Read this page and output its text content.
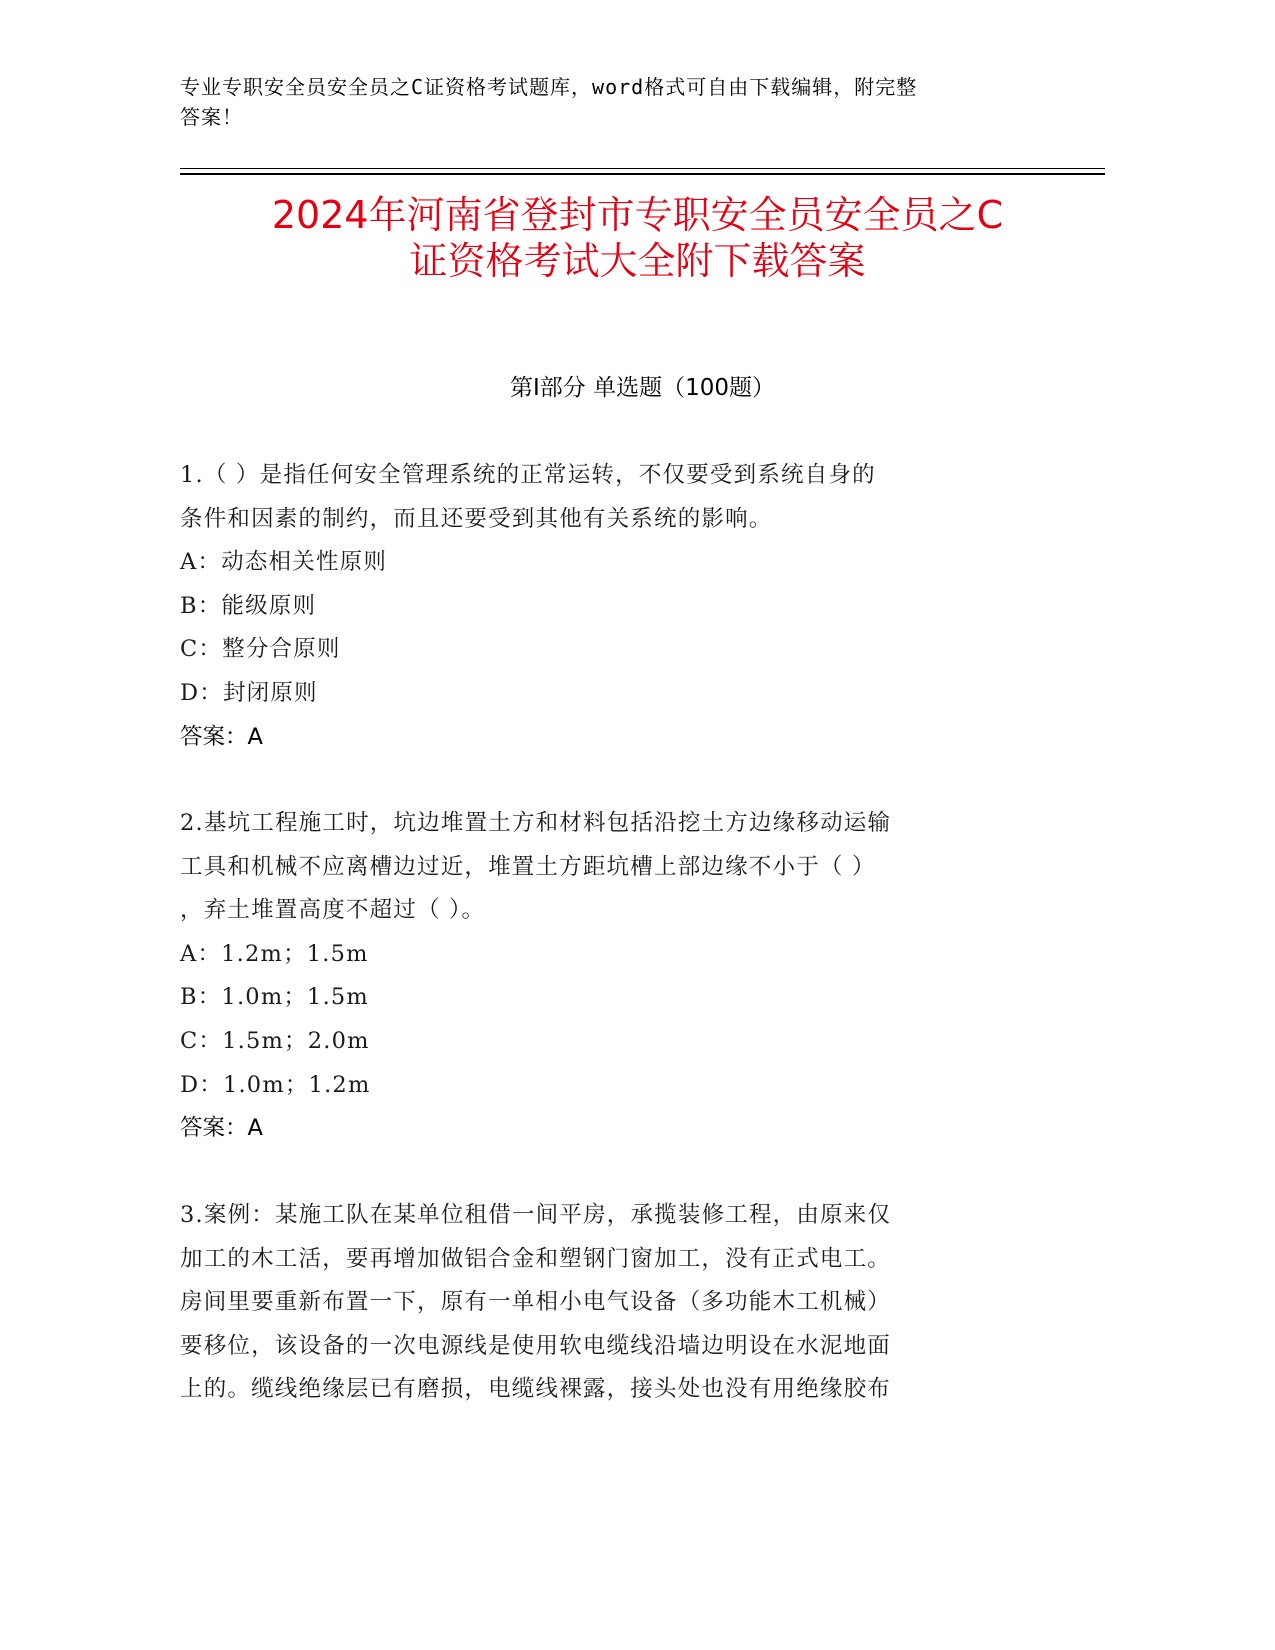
专业专职安全员安全员之C证资格考试题库，word格式可自由下载编辑，附完整
答案！
2024年河南省登封市专职安全员安全员之C
证资格考试大全附下载答案
第Ⅰ部分 单选题（100题）
1.（ ）是指任何安全管理系统的正常运转，不仅要受到系统自身的
条件和因素的制约，而且还要受到其他有关系统的影响。
A：动态相关性原则
B：能级原则
C：整分合原则
D：封闭原则
答案：A
2.基坑工程施工时，坑边堆置土方和材料包括沿挖土方边缘移动运输
工具和机械不应离槽边过近，堆置土方距坑槽上部边缘不小于（ ）
，弃土堆置高度不超过（ ）。
A：1.2m；1.5m
B：1.0m；1.5m
C：1.5m；2.0m
D：1.0m；1.2m
答案：A
3.案例：某施工队在某单位租借一间平房，承揽装修工程，由原来仅
加工的木工活，要再增加做铝合金和塑钢门窗加工，没有正式电工。
房间里要重新布置一下，原有一单相小电气设备（多功能木工机械）
要移位，该设备的一次电源线是使用软电缆线沿墙边明设在水泥地面
上的。缆线绝缘层已有磨损，电缆线裸露，接头处也没有用绝缘胶布
